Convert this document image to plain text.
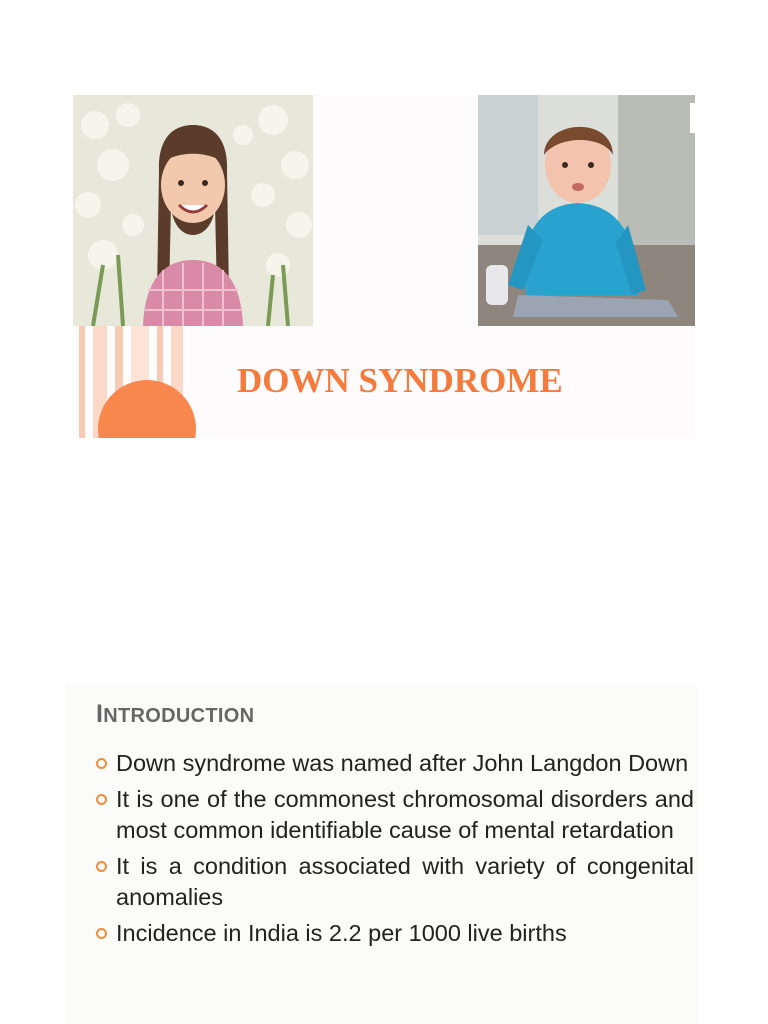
DOWN SYNDROME
INTRODUCTION
Down syndrome was named after John Langdon Down
It is one of the commonest chromosomal disorders and most common identifiable cause of mental retardation
It is a condition associated with variety of congenital anomalies
Incidence in India is 2.2 per 1000 live births
